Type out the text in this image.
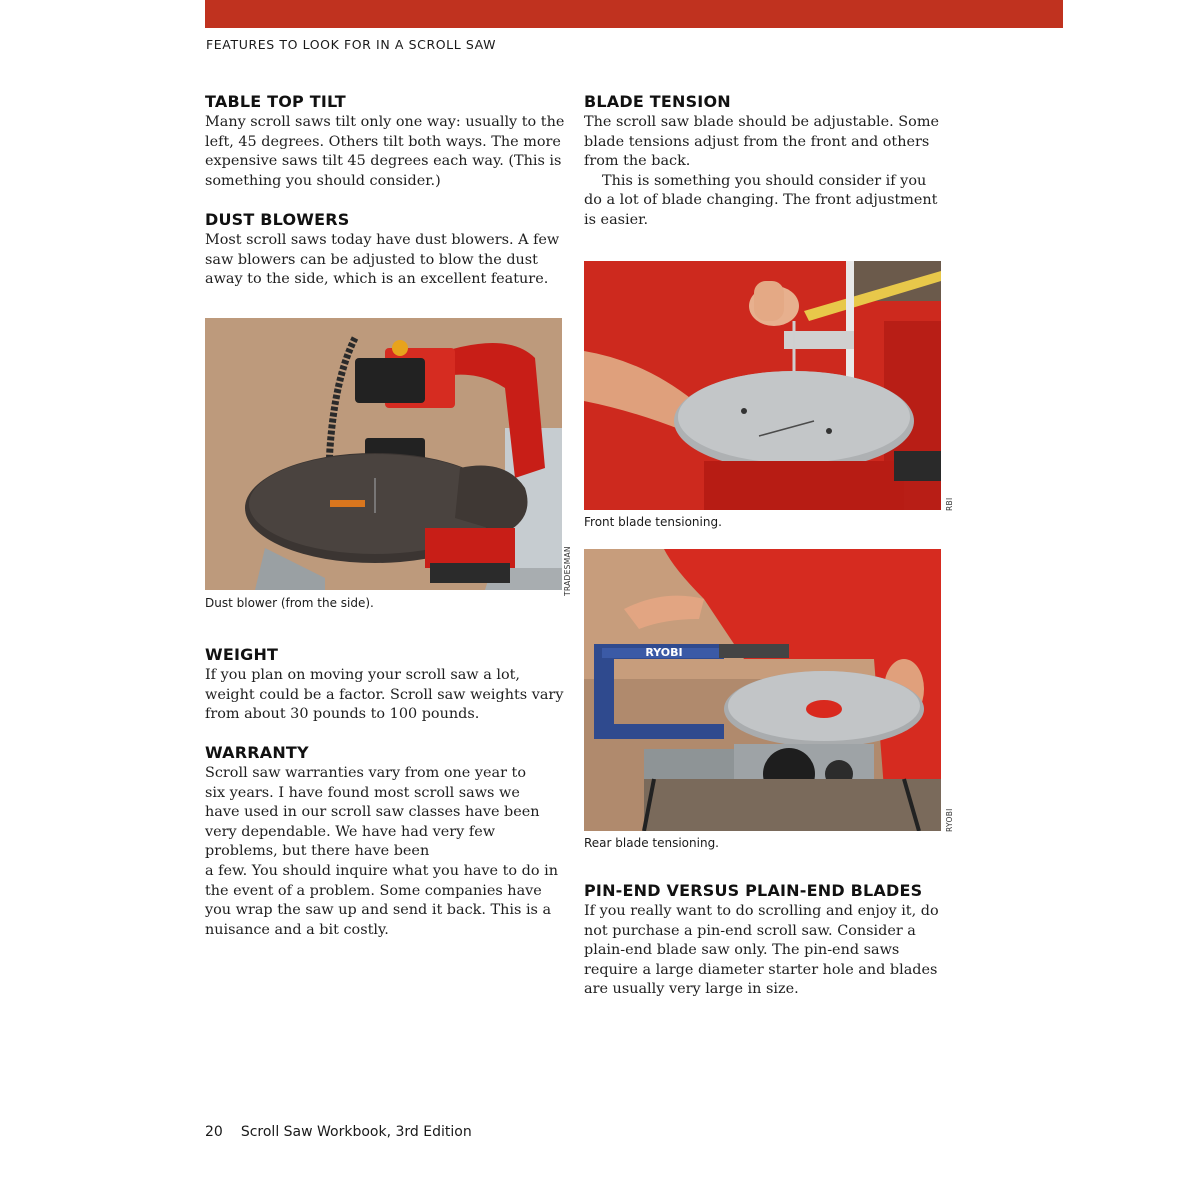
FEATURES TO LOOK FOR IN A SCROLL SAW
TABLE TOP TILT

Many scroll saws tilt only one way: usually to the left, 45 degrees. Others tilt both ways. The more expensive saws tilt 45 degrees each way. (This is something you should consider.)

DUST BLOWERS

Most scroll saws today have dust blowers. A few saw blowers can be adjusted to blow the dust away to the side, which is an excellent feature.

Dust blower (from the side).
TRADESMAN
WEIGHT

If you plan on moving your scroll saw a lot, weight could be a factor. Scroll saw weights vary from about 30 pounds to 100 pounds.

WARRANTY

Scroll saw warranties vary from one year to six years. I have found most scroll saws we have used in our scroll saw classes have been very dependable. We have had very few problems, but there have been

a few. You should inquire what you have to do in the event of a problem. Some companies have you wrap the saw up and send it back. This is a nuisance and a bit costly.

BLADE TENSION

The scroll saw blade should be adjustable. Some blade tensions adjust from the front and others from the back.

This is something you should consider if you do a lot of blade changing. The front adjustment is easier.

Front blade tensioning.
RBI
RYOBI
Rear blade tensioning.
RYOBI
PIN-END VERSUS PLAIN-END BLADES

If you really want to do scrolling and enjoy it, do not purchase a pin-end scroll saw. Consider a plain-end blade saw only. The pin-end saws require a large diameter starter hole and blades are usually very large in size.

20 Scroll Saw Workbook, 3rd Edition
